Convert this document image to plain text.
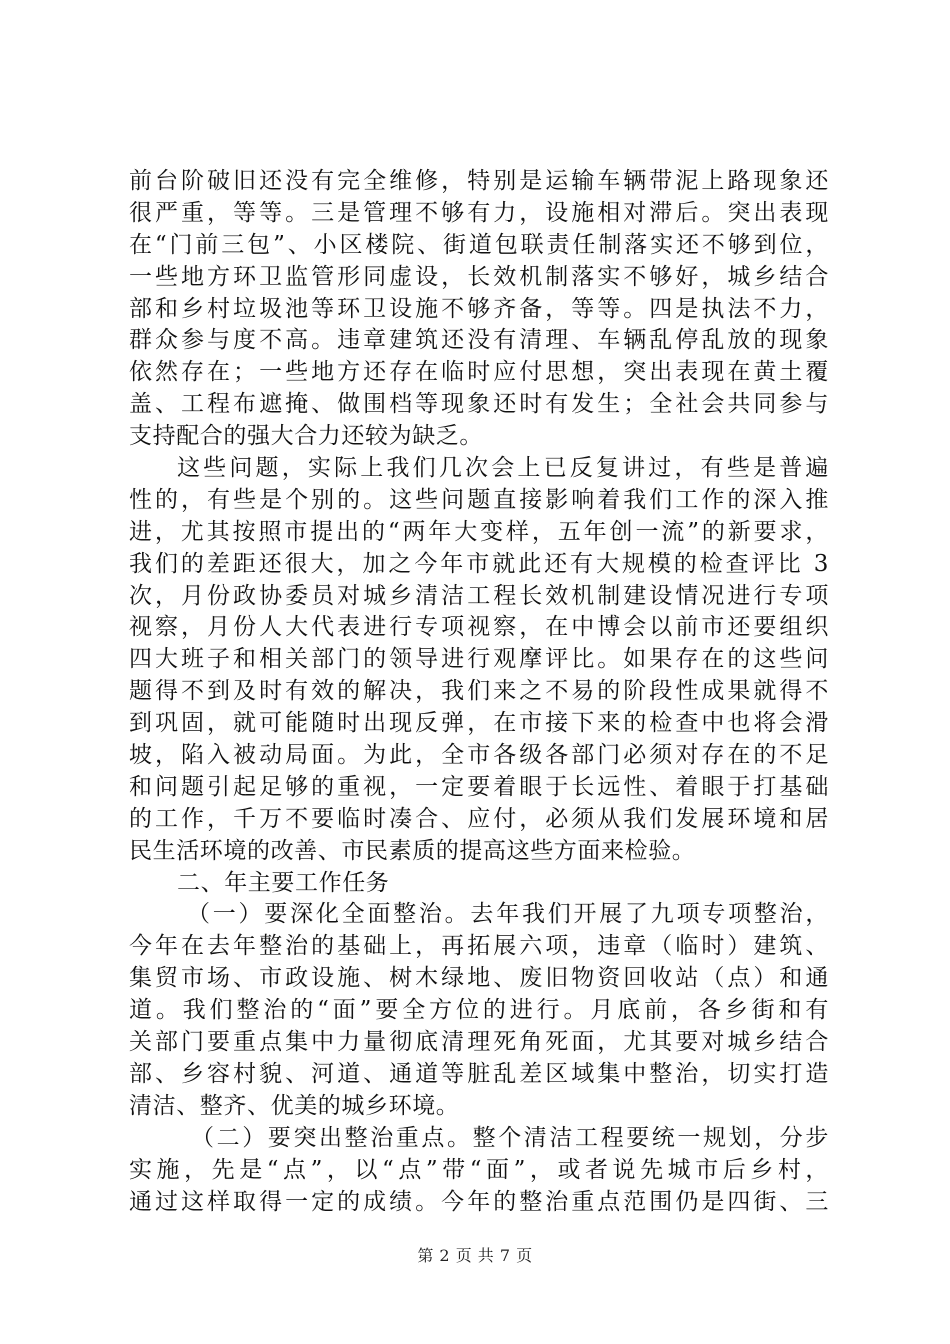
前台阶破旧还没有完全维修，特别是运输车辆带泥上路现象还
很严重，等等。三是管理不够有力，设施相对滞后。突出表现
在“门前三包”、小区楼院、街道包联责任制落实还不够到位，
一些地方环卫监管形同虚设，长效机制落实不够好，城乡结合
部和乡村垃圾池等环卫设施不够齐备，等等。四是执法不力，
群众参与度不高。违章建筑还没有清理、车辆乱停乱放的现象
依然存在；一些地方还存在临时应付思想，突出表现在黄土覆
盖、工程布遮掩、做围档等现象还时有发生；全社会共同参与
支持配合的强大合力还较为缺乏。
这些问题，实际上我们几次会上已反复讲过，有些是普遍
性的，有些是个别的。这些问题直接影响着我们工作的深入推
进，尤其按照市提出的“两年大变样，五年创一流”的新要求，
我们的差距还很大，加之今年市就此还有大规模的检查评比 3
次，月份政协委员对城乡清洁工程长效机制建设情况进行专项
视察，月份人大代表进行专项视察，在中博会以前市还要组织
四大班子和相关部门的领导进行观摩评比。如果存在的这些问
题得不到及时有效的解决，我们来之不易的阶段性成果就得不
到巩固，就可能随时出现反弹，在市接下来的检查中也将会滑
坡，陷入被动局面。为此，全市各级各部门必须对存在的不足
和问题引起足够的重视，一定要着眼于长远性、着眼于打基础
的工作，千万不要临时凑合、应付，必须从我们发展环境和居
民生活环境的改善、市民素质的提高这些方面来检验。
二、年主要工作任务
（一）要深化全面整治。去年我们开展了九项专项整治，
今年在去年整治的基础上，再拓展六项，违章（临时）建筑、
集贸市场、市政设施、树木绿地、废旧物资回收站（点）和通
道。我们整治的“面”要全方位的进行。月底前，各乡街和有
关部门要重点集中力量彻底清理死角死面，尤其要对城乡结合
部、乡容村貌、河道、通道等脏乱差区域集中整治，切实打造
清洁、整齐、优美的城乡环境。
（二）要突出整治重点。整个清洁工程要统一规划，分步
实施，先是“点”，以“点”带“面”，或者说先城市后乡村，
通过这样取得一定的成绩。今年的整治重点范围仍是四街、三
第 2 页 共 7 页
